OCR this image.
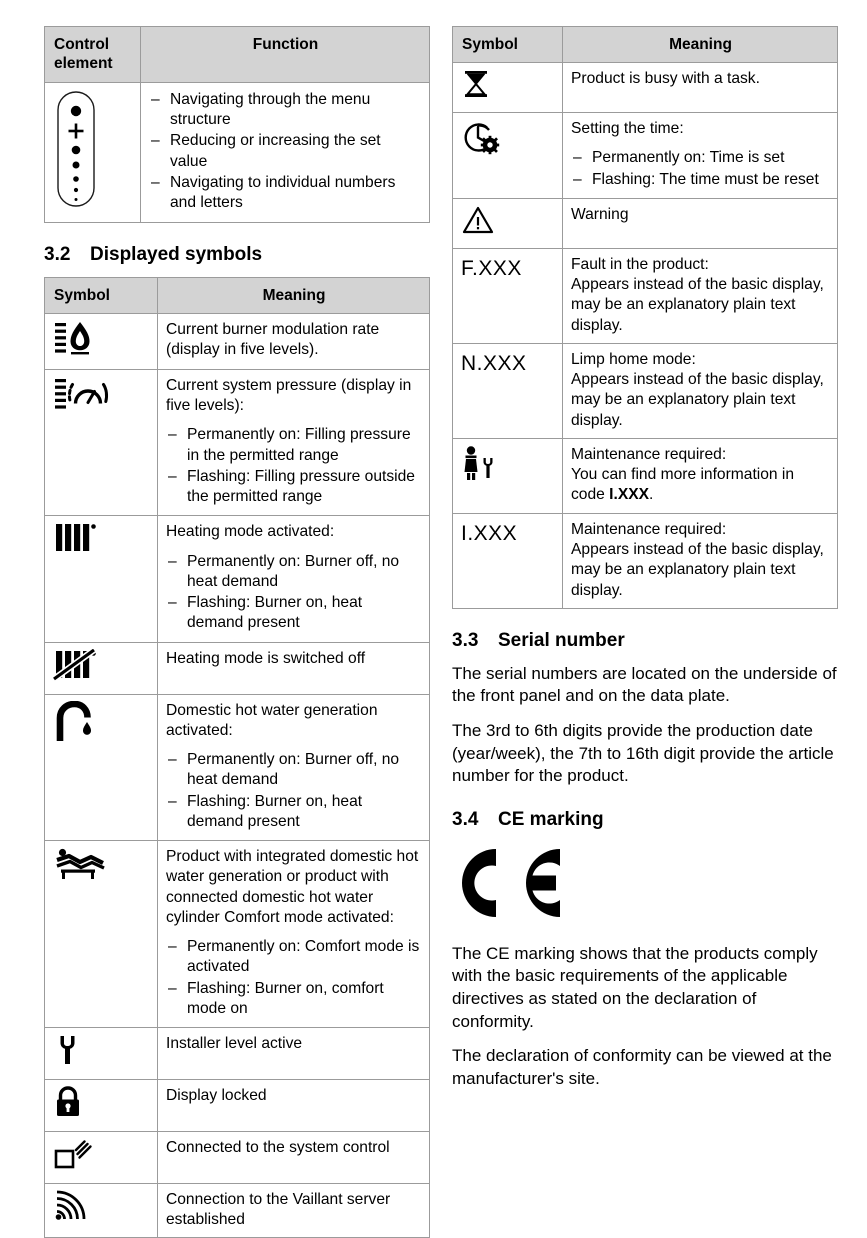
Control element	Function

– Navigating through the menu structure
– Reducing or increasing the set value
– Navigating to individual numbers and letters
3.2	Displayed symbols
Symbol	Meaning

Current burner modulation rate (display in five levels).

Current system pressure (display in five levels):
– Permanently on: Filling pressure in the permitted range
– Flashing: Filling pressure outside the permitted range

Heating mode activated:
– Permanently on: Burner off, no heat demand
– Flashing: Burner on, heat demand present

Heating mode is switched off

Domestic hot water generation activated:
– Permanently on: Burner off, no heat demand
– Flashing: Burner on, heat demand present

Product with integrated domestic hot water generation or product with connected domestic hot water cylinder Comfort mode activated:
– Permanently on: Comfort mode is activated
– Flashing: Burner on, comfort mode on

Installer level active

Display locked

Connected to the system control

Connection to the Vaillant server established
Symbol	Meaning

Product is busy with a task.

Setting the time:
– Permanently on: Time is set
– Flashing: The time must be reset

Warning

F.XXX	Fault in the product:
Appears instead of the basic display, may be an explanatory plain text display.

N.XXX	Limp home mode:
Appears instead of the basic display, may be an explanatory plain text display.

Maintenance required:
You can find more information in code I.XXX.

I.XXX	Maintenance required:
Appears instead of the basic display, may be an explanatory plain text display.
3.3	Serial number

The serial numbers are located on the underside of the front panel and on the data plate.

The 3rd to 6th digits provide the production date (year/week), the 7th to 16th digit provide the article number for the product.

3.4	CE marking

The CE marking shows that the products comply with the basic requirements of the applicable directives as stated on the declaration of conformity.

The declaration of conformity can be viewed at the manufacturer's site.
